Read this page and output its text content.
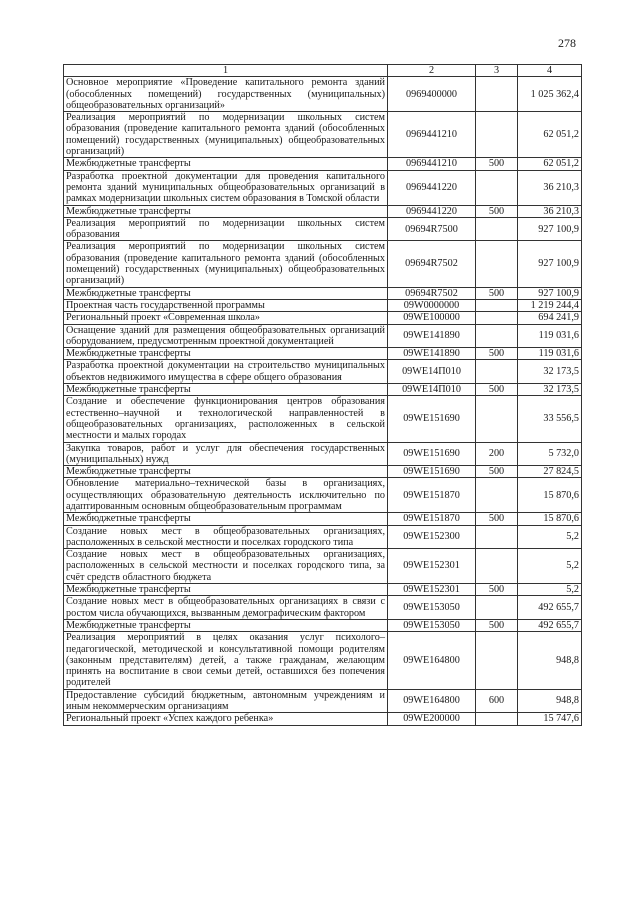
278
1	2	3	4
Основное мероприятие «Проведение капитального ремонта зданий (обособленных помещений) государственных (муниципальных) общеобразовательных организаций»	0969400000		1 025 362,4
Реализация мероприятий по модернизации школьных систем образования (проведение капитального ремонта зданий (обособленных помещений) государственных (муниципальных) общеобразовательных организаций)	0969441210		62 051,2
Межбюджетные трансферты	0969441210	500	62 051,2
Разработка проектной документации для проведения капитального ремонта зданий муниципальных общеобразовательных организаций в рамках модернизации школьных систем образования в Томской области	0969441220		36 210,3
Межбюджетные трансферты	0969441220	500	36 210,3
Реализация мероприятий по модернизации школьных систем образования	09694R7500		927 100,9
Реализация мероприятий по модернизации школьных систем образования (проведение капитального ремонта зданий (обособленных помещений) государственных (муниципальных) общеобразовательных организаций)	09694R7502		927 100,9
Межбюджетные трансферты	09694R7502	500	927 100,9
Проектная часть государственной программы	09W0000000		1 219 244,4
Региональный проект «Современная школа»	09WE100000		694 241,9
Оснащение зданий для размещения общеобразовательных организаций оборудованием, предусмотренным проектной документацией	09WE141890		119 031,6
Межбюджетные трансферты	09WE141890	500	119 031,6
Разработка проектной документации на строительство муниципальных объектов недвижимого имущества в сфере общего образования	09WE14П010		32 173,5
Межбюджетные трансферты	09WE14П010	500	32 173,5
Создание и обеспечение функционирования центров образования естественно–научной и технологической направленностей в общеобразовательных организациях, расположенных в сельской местности и малых городах	09WE151690		33 556,5
Закупка товаров, работ и услуг для обеспечения государственных (муниципальных) нужд	09WE151690	200	5 732,0
Межбюджетные трансферты	09WE151690	500	27 824,5
Обновление материально–технической базы в организациях, осуществляющих образовательную деятельность исключительно по адаптированным основным общеобразовательным программам	09WE151870		15 870,6
Межбюджетные трансферты	09WE151870	500	15 870,6
Создание новых мест в общеобразовательных организациях, расположенных в сельской местности и поселках городского типа	09WE152300		5,2
Создание новых мест в общеобразовательных организациях, расположенных в сельской местности и поселках городского типа, за счёт средств областного бюджета	09WE152301		5,2
Межбюджетные трансферты	09WE152301	500	5,2
Создание новых мест в общеобразовательных организациях в связи с ростом числа обучающихся, вызванным демографическим фактором	09WE153050		492 655,7
Межбюджетные трансферты	09WE153050	500	492 655,7
Реализация мероприятий в целях оказания услуг психолого–педагогической, методической и консультативной помощи родителям (законным представителям) детей, а также гражданам, желающим принять на воспитание в свои семьи детей, оставшихся без попечения родителей	09WE164800		948,8
Предоставление субсидий бюджетным, автономным учреждениям и иным некоммерческим организациям	09WE164800	600	948,8
Региональный проект «Успех каждого ребенка»	09WE200000		15 747,6
